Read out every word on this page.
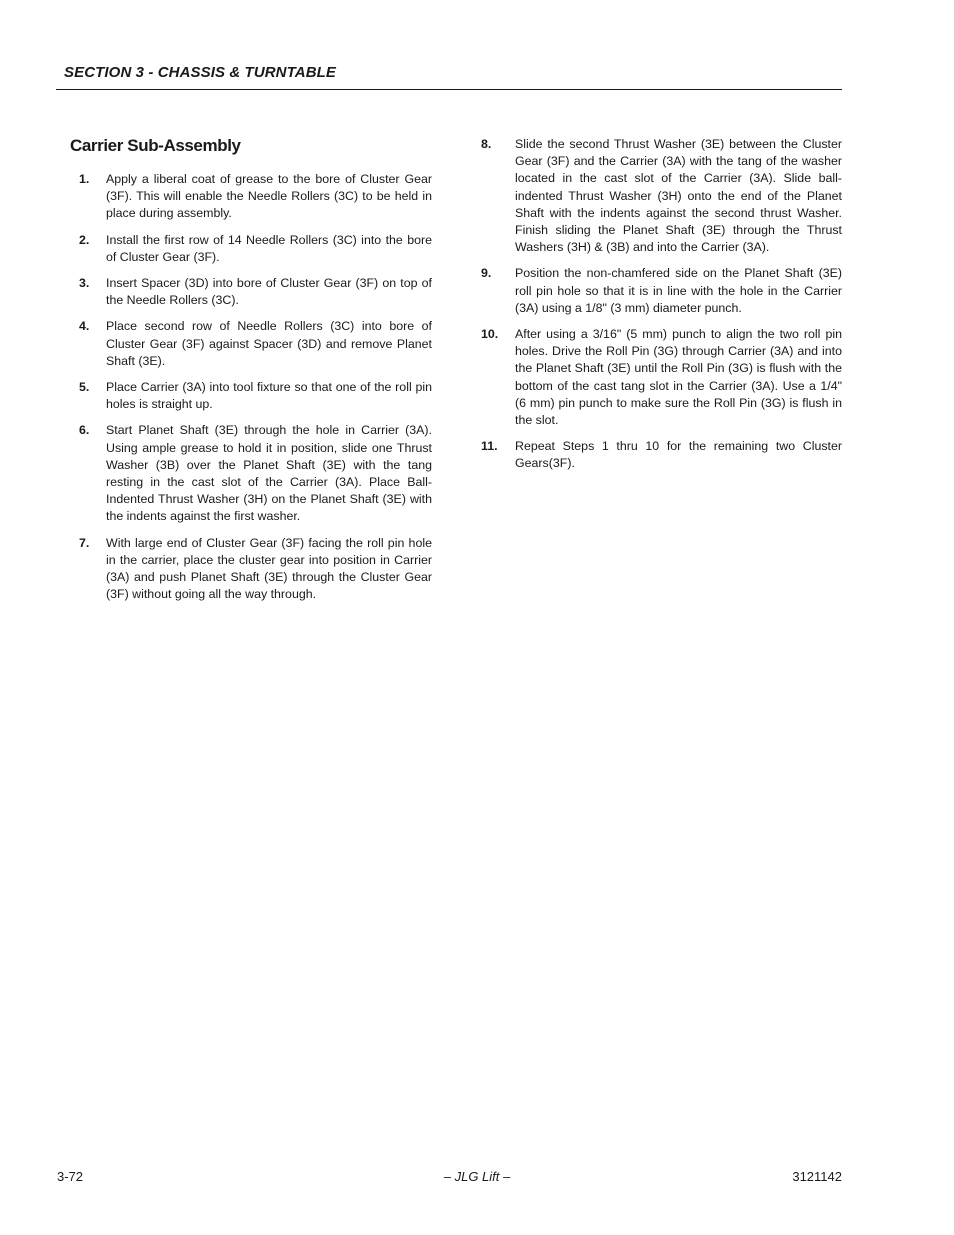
SECTION 3 - CHASSIS & TURNTABLE
Carrier Sub-Assembly
1.	Apply a liberal coat of grease to the bore of Cluster Gear (3F). This will enable the Needle Rollers (3C) to be held in place during assembly.
2.	Install the first row of 14 Needle Rollers (3C) into the bore of Cluster Gear (3F).
3.	Insert Spacer (3D) into bore of Cluster Gear (3F) on top of the Needle Rollers (3C).
4.	Place second row of Needle Rollers (3C) into bore of Cluster Gear (3F) against Spacer (3D) and remove Planet Shaft (3E).
5.	Place Carrier (3A) into tool fixture so that one of the roll pin holes is straight up.
6.	Start Planet Shaft (3E) through the hole in Carrier (3A). Using ample grease to hold it in position, slide one Thrust Washer (3B) over the Planet Shaft (3E) with the tang resting in the cast slot of the Carrier (3A). Place Ball-Indented Thrust Washer (3H) on the Planet Shaft (3E) with the indents against the first washer.
7.	With large end of Cluster Gear (3F) facing the roll pin hole in the carrier, place the cluster gear into position in Carrier (3A) and push Planet Shaft (3E) through the Cluster Gear (3F) without going all the way through.
8.	Slide the second Thrust Washer (3E) between the Cluster Gear (3F) and the Carrier (3A) with the tang of the washer located in the cast slot of the Carrier (3A). Slide ball-indented Thrust Washer (3H) onto the end of the Planet Shaft with the indents against the second thrust Washer. Finish sliding the Planet Shaft (3E) through the Thrust Washers (3H) & (3B) and into the Carrier (3A).
9.	Position the non-chamfered side on the Planet Shaft (3E) roll pin hole so that it is in line with the hole in the Carrier (3A) using a 1/8" (3 mm) diameter punch.
10.	After using a 3/16" (5 mm) punch to align the two roll pin holes. Drive the Roll Pin (3G) through Carrier (3A) and into the Planet Shaft (3E) until the Roll Pin (3G) is flush with the bottom of the cast tang slot in the Carrier (3A). Use a 1/4" (6 mm) pin punch to make sure the Roll Pin (3G) is flush in the slot.
11.	Repeat Steps 1 thru 10 for the remaining two Cluster Gears(3F).
3-72	– JLG Lift –	3121142
